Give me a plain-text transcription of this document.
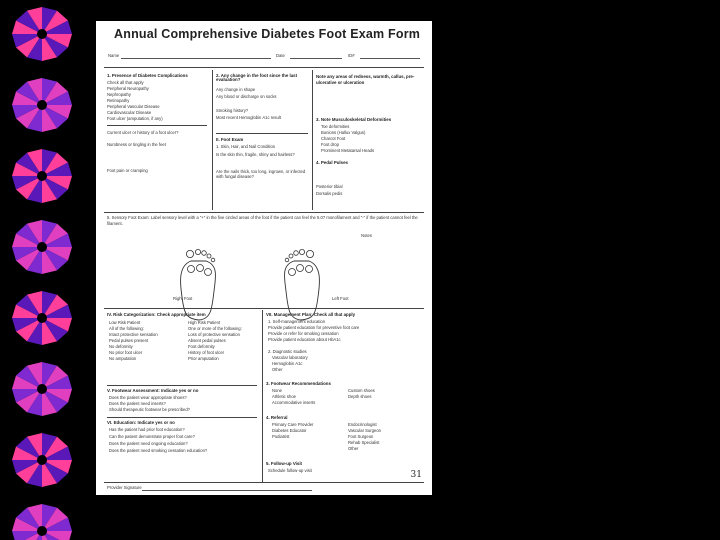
Annual Comprehensive Diabetes Foot Exam Form
Name	Date	ID#
1. Presence of Diabetes Complications
Check all that apply
Peripheral Neuropathy
Nephropathy
Retinopathy
Peripheral Vascular Disease
Cardiovascular Disease
Foot ulcer (amputation, if any)
Current ulcer or history of a foot ulcer?
Numbness or tingling in the feet
Foot pain or cramping
2. Any change in the foot since the last evaluation?
Any change in shape
Any blood or discharge on socks
Smoking history?
Most recent Hemoglobin A1c result
II. Foot Exam
1. Skin, Hair, and Nail Condition
Is the skin thin, fragile, shiny and hairless?
Are the nails thick, too long, ingrown, or infected with fungal disease?
Note any areas of redness, warmth, callus, pre-ulcerative or ulceration
3. Note Musculoskeletal Deformities
Toe deformities
Bunions (Hallux Valgus)
Charcot Foot
Foot drop
Prominent Metatarsal Heads
4. Pedal Pulses
Posterior tibial
Dorsalis pedis
5. Sensory Foot Exam: Label sensory level with a "+" in the five circled areas of the foot if the patient can feel the 5.07 monofilament and "-" if the patient cannot feel the filament.
Notes
Right Foot	Left Foot
IV. Risk Categorization: Check appropriate item
Low Risk Patient	High Risk Patient
All of the following:	One or more of the following:
Intact protective sensation	Loss of protective sensation
Pedal pulses present	Absent pedal pulses
No deformity	Foot deformity
No prior foot ulcer	History of foot ulcer
No amputation	Prior amputation
V. Footwear Assessment: Indicate yes or no
Does the patient wear appropriate shoes?
Does the patient need inserts?
Should therapeutic footwear be prescribed?
VI. Education: Indicate yes or no
Has the patient had prior foot education?
Can the patient demonstrate proper foot care?
Does the patient need ongoing education?
Does the patient need smoking cessation education?
Provider Signature
VII. Management Plan: Check all that apply
1. Self-management education
Provide patient education for preventive foot care
Provide or refer for smoking cessation
Provide patient education about HbA1c
2. Diagnostic studies
Vascular laboratory
Hemoglobin A1c
Other
3. Footwear Recommendations
None
Athletic shoe
Accommodative inserts
Custom shoes
Depth shoes
4. Referral
Primary Care Provider
Diabetes Educator
Podiatrist
Endocrinologist
Vascular Surgeon
Foot Surgeon
Rehab Specialist
Other
5. Follow-up Visit
Schedule follow-up visit	31
